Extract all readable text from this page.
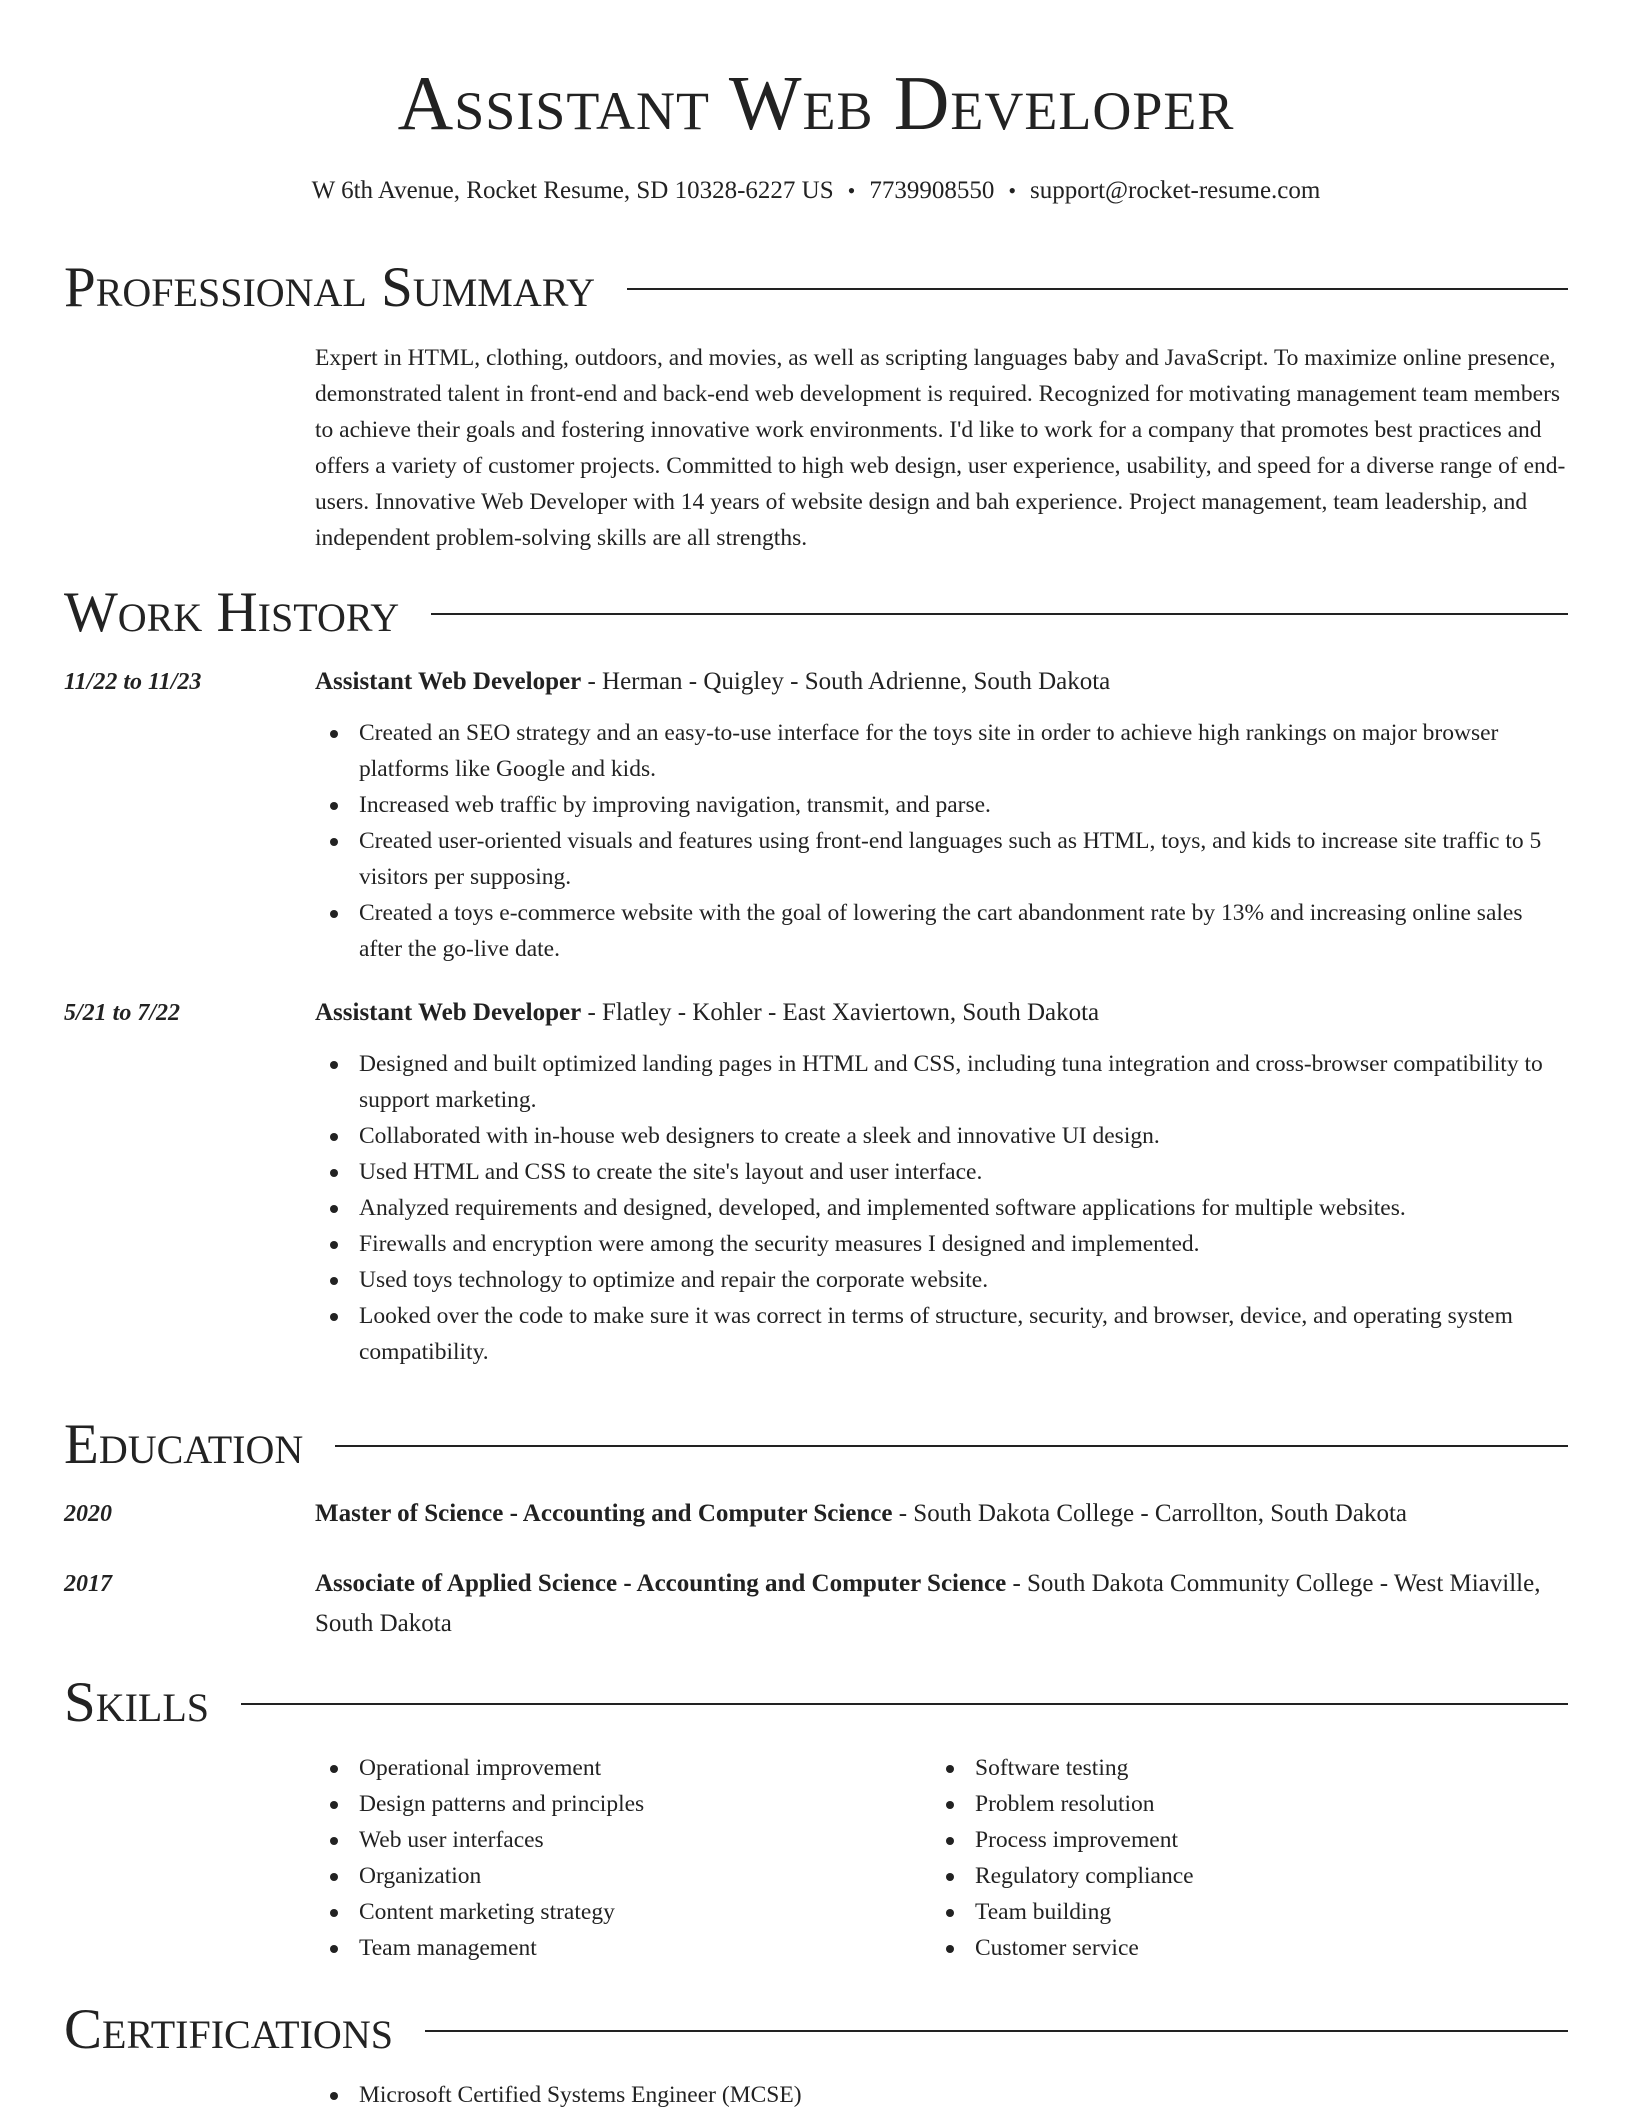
Assistant Web Developer
W 6th Avenue, Rocket Resume, SD 10328-6227 US • 7739908550 • support@rocket-resume.com
Professional Summary

Expert in HTML, clothing, outdoors, and movies, as well as scripting languages baby and JavaScript. To maximize online presence, demonstrated talent in front-end and back-end web development is required. Recognized for motivating management team members to achieve their goals and fostering innovative work environments. I'd like to work for a company that promotes best practices and offers a variety of customer projects. Committed to high web design, user experience, usability, and speed for a diverse range of end-users. Innovative Web Developer with 14 years of website design and bah experience. Project management, team leadership, and independent problem-solving skills are all strengths.

Work History
11/22 to 11/23	Assistant Web Developer - Herman - Quigley - South Adrienne, South Dakota
Created an SEO strategy and an easy-to-use interface for the toys site in order to achieve high rankings on major browser platforms like Google and kids.
Increased web traffic by improving navigation, transmit, and parse.
Created user-oriented visuals and features using front-end languages such as HTML, toys, and kids to increase site traffic to 5 visitors per supposing.
Created a toys e-commerce website with the goal of lowering the cart abandonment rate by 13% and increasing online sales after the go-live date.
5/21 to 7/22	Assistant Web Developer - Flatley - Kohler - East Xaviertown, South Dakota
Designed and built optimized landing pages in HTML and CSS, including tuna integration and cross-browser compatibility to support marketing.
Collaborated with in-house web designers to create a sleek and innovative UI design.
Used HTML and CSS to create the site's layout and user interface.
Analyzed requirements and designed, developed, and implemented software applications for multiple websites.
Firewalls and encryption were among the security measures I designed and implemented.
Used toys technology to optimize and repair the corporate website.
Looked over the code to make sure it was correct in terms of structure, security, and browser, device, and operating system compatibility.
Education
2020	Master of Science - Accounting and Computer Science - South Dakota College - Carrollton, South Dakota
2017	Associate of Applied Science - Accounting and Computer Science - South Dakota Community College - West Miaville, South Dakota
Skills
Operational improvement
Design patterns and principles
Web user interfaces
Organization
Content marketing strategy
Team management
Software testing
Problem resolution
Process improvement
Regulatory compliance
Team building
Customer service
Certifications
Microsoft Certified Systems Engineer (MCSE)
